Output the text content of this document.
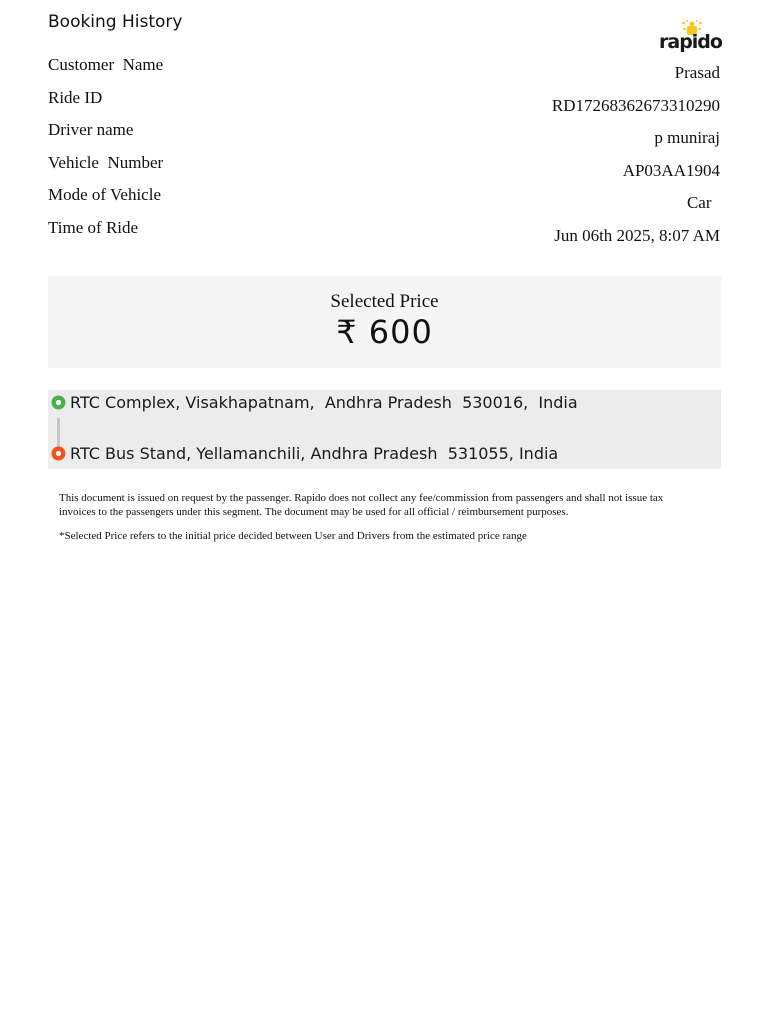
Booking History
rapido
Customer  Name
Ride ID
Driver name
Vehicle  Number
Mode of Vehicle
Time of Ride
Prasad
RD17268362673310290
p muniraj
AP03AA1904
Car
Jun 06th 2025, 8:07 AM
Selected Price
₹ 600
RTC Complex, Visakhapatnam,  Andhra Pradesh  530016,  India
RTC Bus Stand, Yellamanchili, Andhra Pradesh  531055, India
This document is issued on request by the passenger. Rapido does not collect any fee/commission from passengers and shall not issue tax invoices to the passengers under this segment. The document may be used for all official / reimbursement purposes.
*Selected Price refers to the initial price decided between User and Drivers from the estimated price range
